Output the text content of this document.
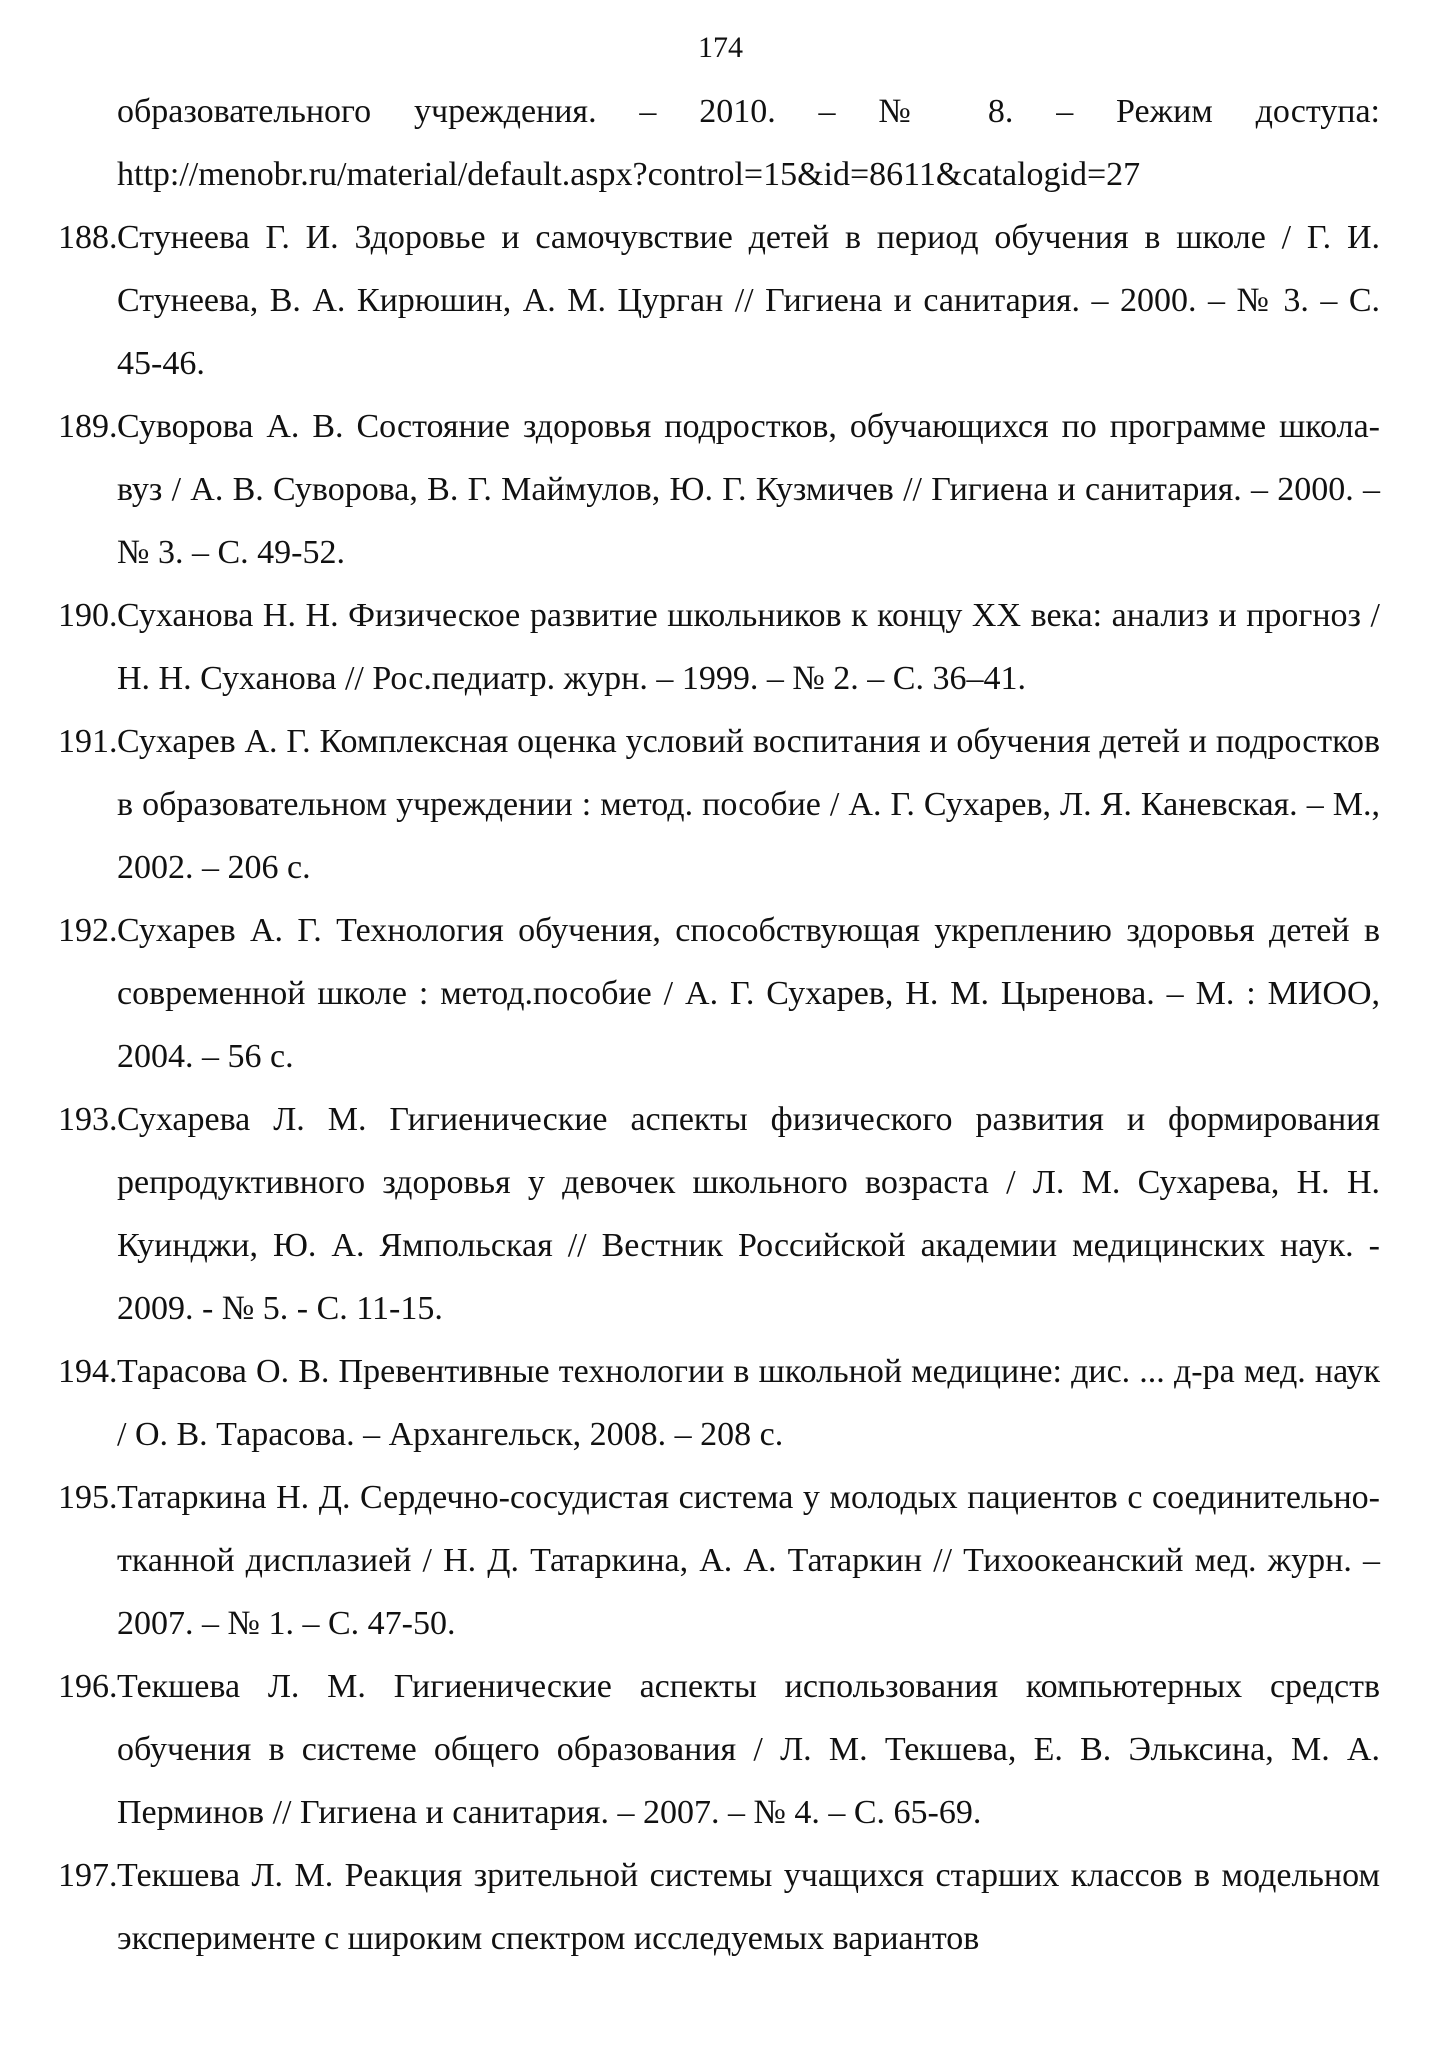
174
образовательного учреждения. – 2010. – № 8. – Режим доступа: http://menobr.ru/material/default.aspx?control=15&id=8611&catalogid=27

188.Стунеева Г. И. Здоровье и самочувствие детей в период обучения в школе / Г. И. Стунеева, В. А. Кирюшин, А. М. Цурган // Гигиена и санитария. – 2000. – № 3. – С. 45-46.

189.Суворова А. В. Состояние здоровья подростков, обучающихся по программе школа-вуз / А. В. Суворова, В. Г. Маймулов, Ю. Г. Кузмичев // Гигиена и санитария. – 2000. – № 3. – С. 49-52.

190.Суханова Н. Н. Физическое развитие школьников к концу XX века: анализ и прогноз / Н. Н. Суханова // Рос.педиатр. журн. – 1999. – № 2. – С. 36–41.

191.Сухарев А. Г. Комплексная оценка условий воспитания и обучения детей и подростков в образовательном учреждении : метод. пособие / А. Г. Сухарев, Л. Я. Каневская. – М., 2002. – 206 с.

192.Сухарев А. Г. Технология обучения, способствующая укреплению здоровья детей в современной школе : метод.пособие / А. Г. Сухарев, Н. М. Цыренова. – М. : МИОО, 2004. – 56 с.

193.Сухарева Л. М. Гигиенические аспекты физического развития и формирования репродуктивного здоровья у девочек школьного возраста / Л. М. Сухарева, Н. Н. Куинджи, Ю. А. Ямпольская // Вестник Российской академии медицинских наук. - 2009. - № 5. - С. 11-15.

194.Тарасова О. В. Превентивные технологии в школьной медицине: дис. ... д-ра мед. наук / О. В. Тарасова. – Архангельск, 2008. – 208 с.

195.Татаркина Н. Д. Сердечно-сосудистая система у молодых пациентов с соединительно-тканной дисплазией / Н. Д. Татаркина, А. А. Татаркин // Тихоокеанский мед. журн. – 2007. – № 1. – С. 47-50.

196.Текшева Л. М. Гигиенические аспекты использования компьютерных средств обучения в системе общего образования / Л. М. Текшева, Е. В. Эльксина, М. А. Перминов // Гигиена и санитария. – 2007. – № 4. – С. 65-69.

197.Текшева Л. М. Реакция зрительной системы учащихся старших классов в модельном эксперименте с широким спектром исследуемых вариантов
